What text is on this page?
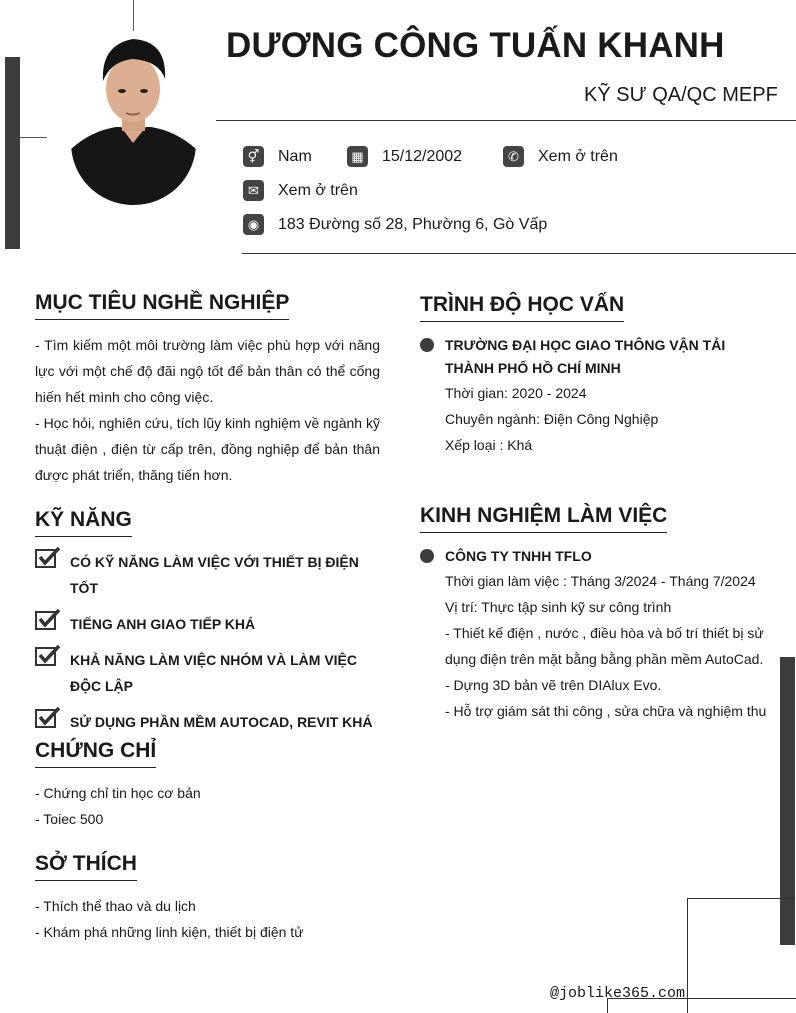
DƯƠNG CÔNG TUẤN KHANH
KỸ SƯ QA/QC MEPF
⚥ Nam	▦ 15/12/2002	✆	Xem ở trên
✉	Xem ở trên
◉	183 Đường số 28, Phường 6, Gò Vấp
MỤC TIÊU NGHỀ NGHIỆP
- Tìm kiếm một môi trường làm việc phù hợp với năng lực với một chế độ đãi ngộ tốt để bản thân có thể cống hiến hết mình cho công việc.
- Học hỏi, nghiên cứu, tích lũy kinh nghiệm về ngành kỹ thuật điện , điện từ cấp trên, đồng nghiệp để bản thân được phát triển, thăng tiến hơn.
KỸ NĂNG
CÓ KỸ NĂNG LÀM VIỆC VỚI THIẾT BỊ ĐIỆN TỐT
TIẾNG ANH GIAO TIẾP KHÁ
KHẢ NĂNG LÀM VIỆC NHÓM VÀ LÀM VIỆC ĐỘC LẬP
SỬ DỤNG PHẦN MỀM AUTOCAD, REVIT KHÁ
CHỨNG CHỈ
- Chứng chỉ tin học cơ bản
- Toiec 500
SỞ THÍCH
- Thích thể thao và du lịch
- Khám phá những linh kiện, thiết bị điện tử
TRÌNH ĐỘ HỌC VẤN
TRƯỜNG ĐẠI HỌC GIAO THÔNG VẬN TẢI THÀNH PHỐ HỒ CHÍ MINH
Thời gian: 2020 - 2024
Chuyên ngành: Điện Công Nghiệp
Xếp loại : Khá
KINH NGHIỆM LÀM VIỆC
CÔNG TY TNHH TFLO
Thời gian làm việc : Tháng 3/2024 - Tháng 7/2024
Vị trí: Thực tập sinh kỹ sư công trình
- Thiết kế điện , nước , điều hòa và bố trí thiết bị sử dụng điện trên mặt bằng bằng phần mềm AutoCad.
- Dựng 3D bản vẽ trên DIAlux Evo.
- Hỗ trợ giám sát thi công , sửa chữa và nghiệm thu
@joblike365.com
